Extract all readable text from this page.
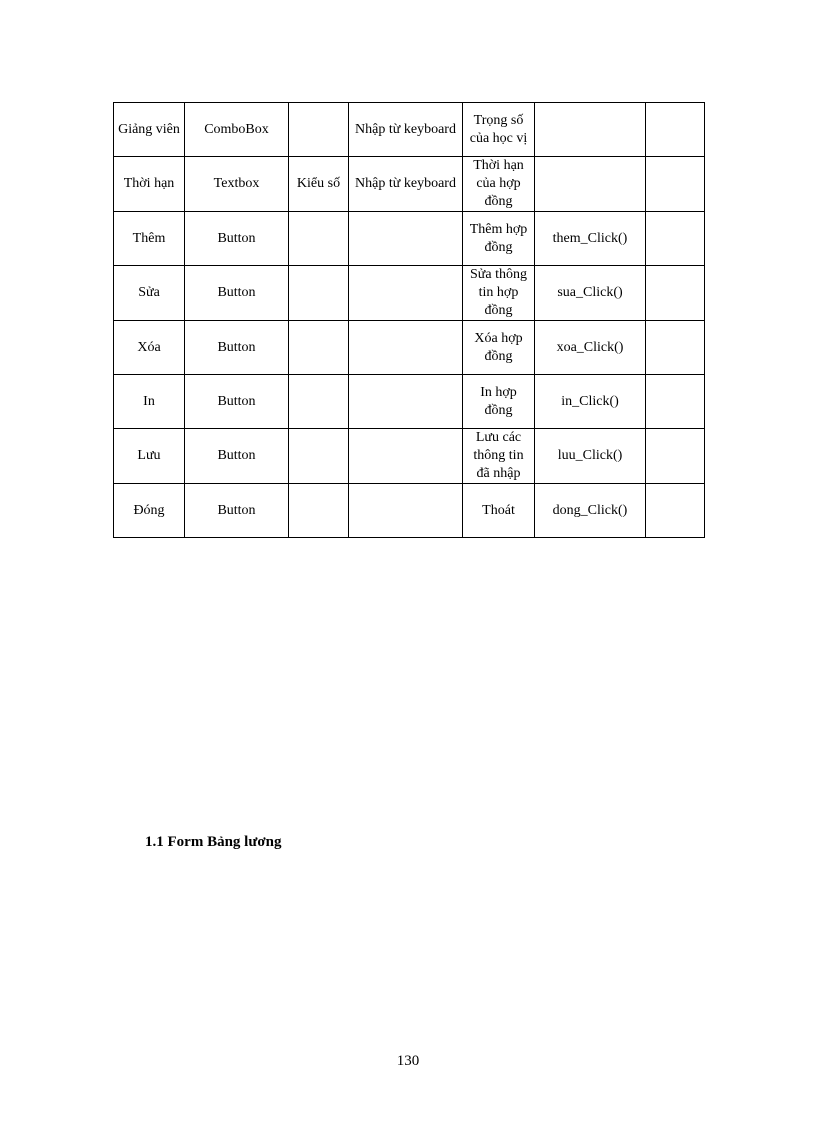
Giảng viên	ComboBox		Nhập từ keyboard	Trọng số của học vị		
Thời hạn	Textbox	Kiểu số	Nhập từ keyboard	Thời hạn của hợp đồng		
Thêm	Button			Thêm hợp đồng	them_Click()	
Sửa	Button			Sửa thông tin hợp đồng	sua_Click()	
Xóa	Button			Xóa hợp đồng	xoa_Click()	
In	Button			In hợp đồng	in_Click()	
Lưu	Button			Lưu các thông tin đã nhập	luu_Click()	
Đóng	Button			Thoát	dong_Click()	
1.1 Form Bảng lương
130
